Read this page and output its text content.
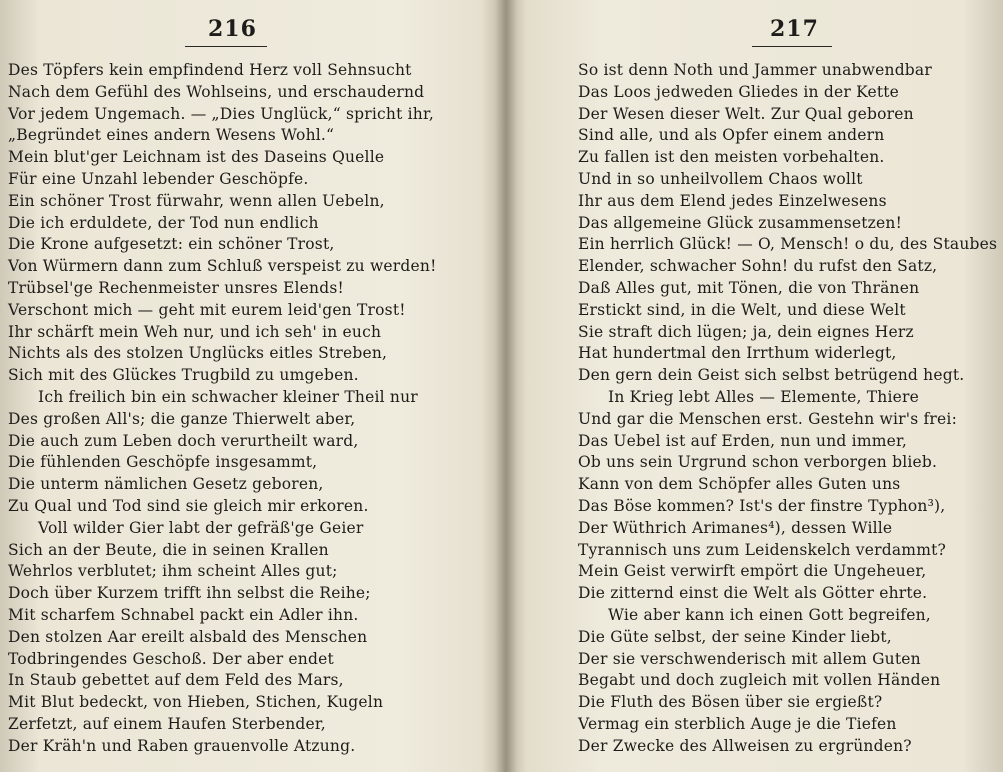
216
Des Töpfers kein empfindend Herz voll Sehnsucht
Nach dem Gefühl des Wohlseins, und erschaudernd
Vor jedem Ungemach. — „Dies Unglück,“ spricht ihr,
„Begründet eines andern Wesens Wohl.“
Mein blut'ger Leichnam ist des Daseins Quelle
Für eine Unzahl lebender Geschöpfe.
Ein schöner Trost fürwahr, wenn allen Uebeln,
Die ich erduldete, der Tod nun endlich
Die Krone aufgesetzt: ein schöner Trost,
Von Würmern dann zum Schluß verspeist zu werden!
Trübsel'ge Rechenmeister unsres Elends!
Verschont mich — geht mit eurem leid'gen Trost!
Ihr schärft mein Weh nur, und ich seh' in euch
Nichts als des stolzen Unglücks eitles Streben,
Sich mit des Glückes Trugbild zu umgeben.
Ich freilich bin ein schwacher kleiner Theil nur
Des großen All's; die ganze Thierwelt aber,
Die auch zum Leben doch verurtheilt ward,
Die fühlenden Geschöpfe insgesammt,
Die unterm nämlichen Gesetz geboren,
Zu Qual und Tod sind sie gleich mir erkoren.
Voll wilder Gier labt der gefräß'ge Geier
Sich an der Beute, die in seinen Krallen
Wehrlos verblutet; ihm scheint Alles gut;
Doch über Kurzem trifft ihn selbst die Reihe;
Mit scharfem Schnabel packt ein Adler ihn.
Den stolzen Aar ereilt alsbald des Menschen
Todbringendes Geschoß. Der aber endet
In Staub gebettet auf dem Feld des Mars,
Mit Blut bedeckt, von Hieben, Stichen, Kugeln
Zerfetzt, auf einem Haufen Sterbender,
Der Kräh'n und Raben grauenvolle Atzung.
217
So ist denn Noth und Jammer unabwendbar
Das Loos jedweden Gliedes in der Kette
Der Wesen dieser Welt. Zur Qual geboren
Sind alle, und als Opfer einem andern
Zu fallen ist den meisten vorbehalten.
Und in so unheilvollem Chaos wollt
Ihr aus dem Elend jedes Einzelwesens
Das allgemeine Glück zusammensetzen!
Ein herrlich Glück! — O, Mensch! o du, des Staubes
Elender, schwacher Sohn! du rufst den Satz,
Daß Alles gut, mit Tönen, die von Thränen
Erstickt sind, in die Welt, und diese Welt
Sie straft dich lügen; ja, dein eignes Herz
Hat hundertmal den Irrthum widerlegt,
Den gern dein Geist sich selbst betrügend hegt.
In Krieg lebt Alles — Elemente, Thiere
Und gar die Menschen erst. Gestehn wir's frei:
Das Uebel ist auf Erden, nun und immer,
Ob uns sein Urgrund schon verborgen blieb.
Kann von dem Schöpfer alles Guten uns
Das Böse kommen? Ist's der finstre Typhon³),
Der Wüthrich Arimanes⁴), dessen Wille
Tyrannisch uns zum Leidenskelch verdammt?
Mein Geist verwirft empört die Ungeheuer,
Die zitternd einst die Welt als Götter ehrte.
Wie aber kann ich einen Gott begreifen,
Die Güte selbst, der seine Kinder liebt,
Der sie verschwenderisch mit allem Guten
Begabt und doch zugleich mit vollen Händen
Die Fluth des Bösen über sie ergießt?
Vermag ein sterblich Auge je die Tiefen
Der Zwecke des Allweisen zu ergründen?
